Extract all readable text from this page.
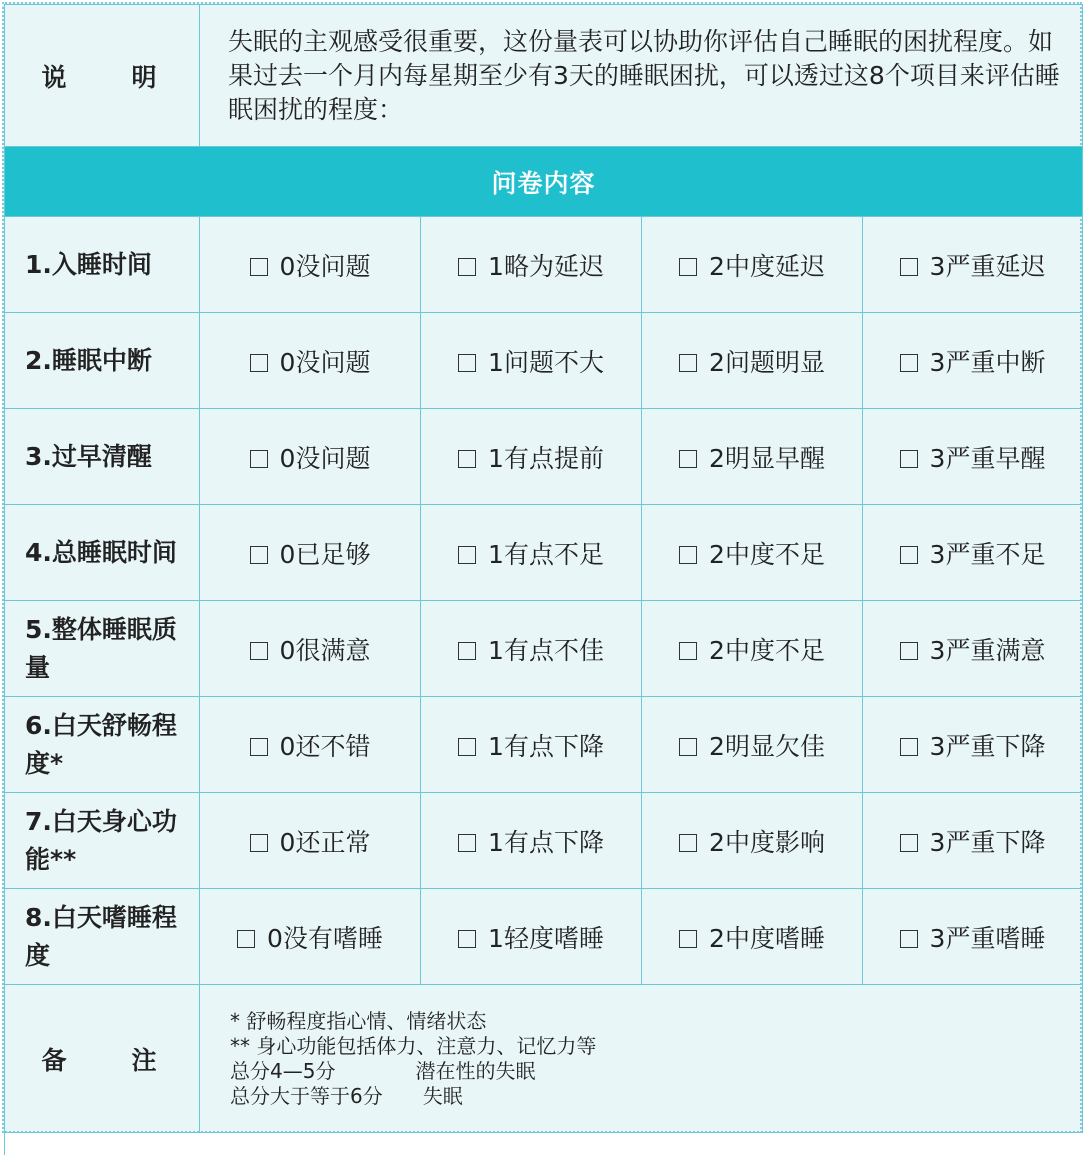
说　明	失眠的主观感受很重要，这份量表可以协助你评估自己睡眠的困扰程度。如果过去一个月内每星期至少有3天的睡眠困扰，可以透过这8个项目来评估睡眠困扰的程度：			
问卷内容				
1.入睡时间	0没问题	1略为延迟	2中度延迟	3严重延迟
2.睡眠中断	0没问题	1问题不大	2问题明显	3严重中断
3.过早清醒	0没问题	1有点提前	2明显早醒	3严重早醒
4.总睡眠时间	0已足够	1有点不足	2中度不足	3严重不足
5.整体睡眠质量	0很满意	1有点不佳	2中度不足	3严重满意
6.白天舒畅程度*	0还不错	1有点下降	2明显欠佳	3严重下降
7.白天身心功能**	0还正常	1有点下降	2中度影响	3严重下降
8.白天嗜睡程度	0没有嗜睡	1轻度嗜睡	2中度嗜睡	3严重嗜睡
备　注	* 舒畅程度指心情、情绪状态
** 身心功能包括体力、注意力、记忆力等
总分4—5分　　　　潜在性的失眠
总分大于等于6分　　失眠			
